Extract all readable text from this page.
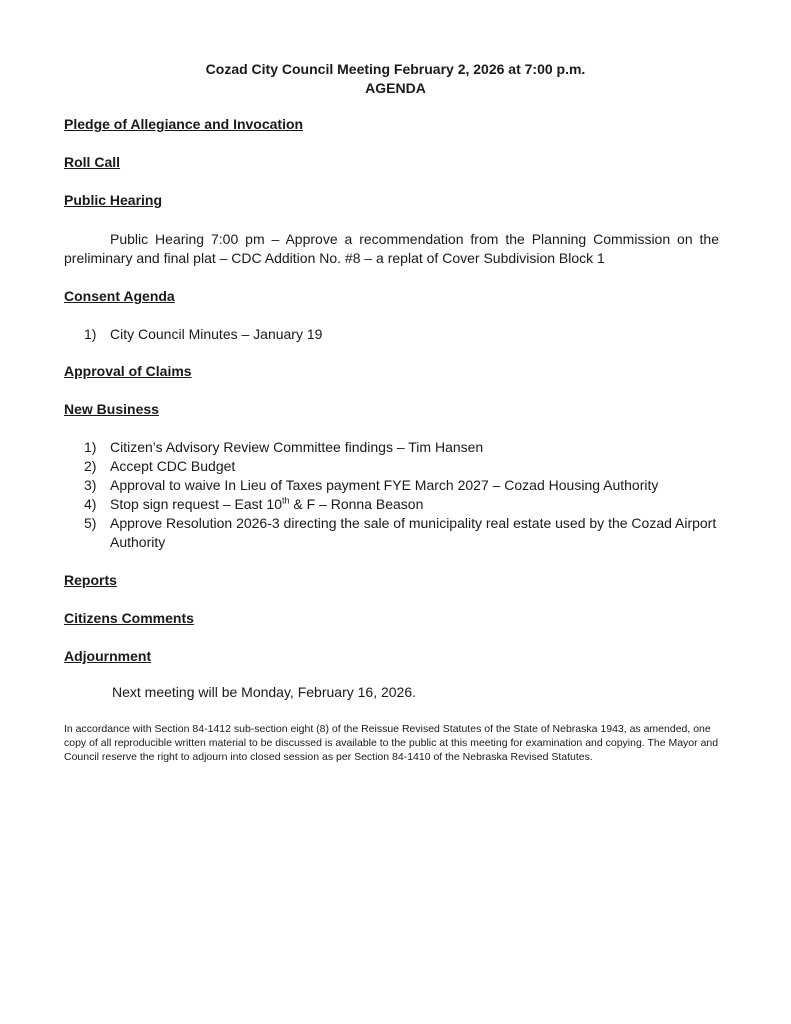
Cozad City Council Meeting February 2, 2026 at 7:00 p.m.
AGENDA
Pledge of Allegiance and Invocation
Roll Call
Public Hearing
Public Hearing 7:00 pm – Approve a recommendation from the Planning Commission on the preliminary and final plat – CDC Addition No. #8 – a replat of Cover Subdivision Block 1
Consent Agenda
1) City Council Minutes – January 19
Approval of Claims
New Business
1) Citizen’s Advisory Review Committee findings – Tim Hansen
2) Accept CDC Budget
3) Approval to waive In Lieu of Taxes payment FYE March 2027 – Cozad Housing Authority
4) Stop sign request – East 10th & F – Ronna Beason
5) Approve Resolution 2026-3 directing the sale of municipality real estate used by the Cozad Airport Authority
Reports
Citizens Comments
Adjournment
Next meeting will be Monday, February 16, 2026.
In accordance with Section 84-1412 sub-section eight (8) of the Reissue Revised Statutes of the State of Nebraska 1943, as amended, one copy of all reproducible written material to be discussed is available to the public at this meeting for examination and copying. The Mayor and Council reserve the right to adjourn into closed session as per Section 84-1410 of the Nebraska Revised Statutes.
